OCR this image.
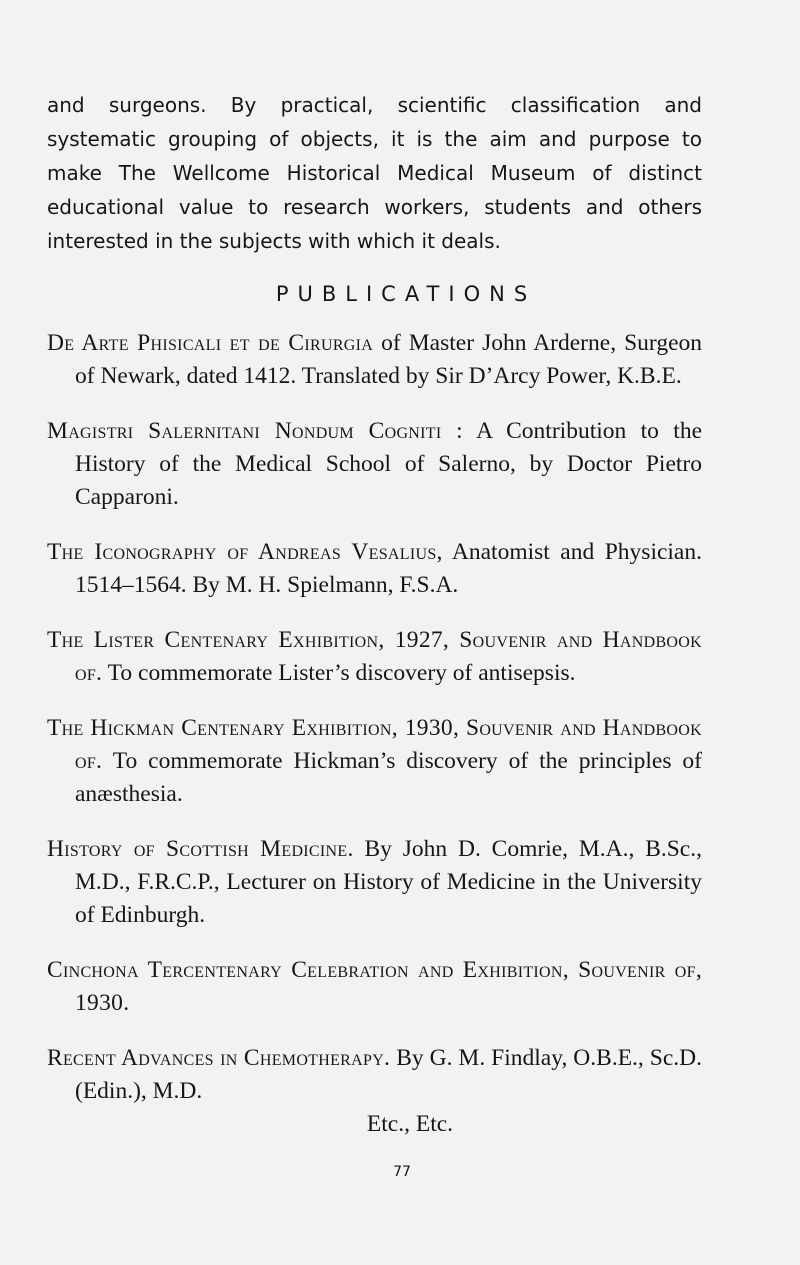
and surgeons. By practical, scientific classification and systematic grouping of objects, it is the aim and purpose to make The Wellcome Historical Medical Museum of distinct educational value to research workers, students and others interested in the subjects with which it deals.

PUBLICATIONS

De Arte Phisicali et de Cirurgia of Master John Arderne, Surgeon of Newark, dated 1412. Translated by Sir D’Arcy Power, K.B.E.

Magistri Salernitani Nondum Cogniti : A Contribution to the History of the Medical School of Salerno, by Doctor Pietro Capparoni.

The Iconography of Andreas Vesalius, Anatomist and Physician. 1514–1564. By M. H. Spielmann, F.S.A.

The Lister Centenary Exhibition, 1927, Souvenir and Handbook of. To commemorate Lister’s discovery of antisepsis.

The Hickman Centenary Exhibition, 1930, Souvenir and Handbook of. To commemorate Hickman’s discovery of the principles of anæsthesia.

History of Scottish Medicine. By John D. Comrie, M.A., B.Sc., M.D., F.R.C.P., Lecturer on History of Medicine in the University of Edinburgh.

Cinchona Tercentenary Celebration and Exhibition, Souvenir of, 1930.

Recent Advances in Chemotherapy. By G. M. Findlay, O.B.E., Sc.D. (Edin.), M.D.

Etc., Etc.
77
